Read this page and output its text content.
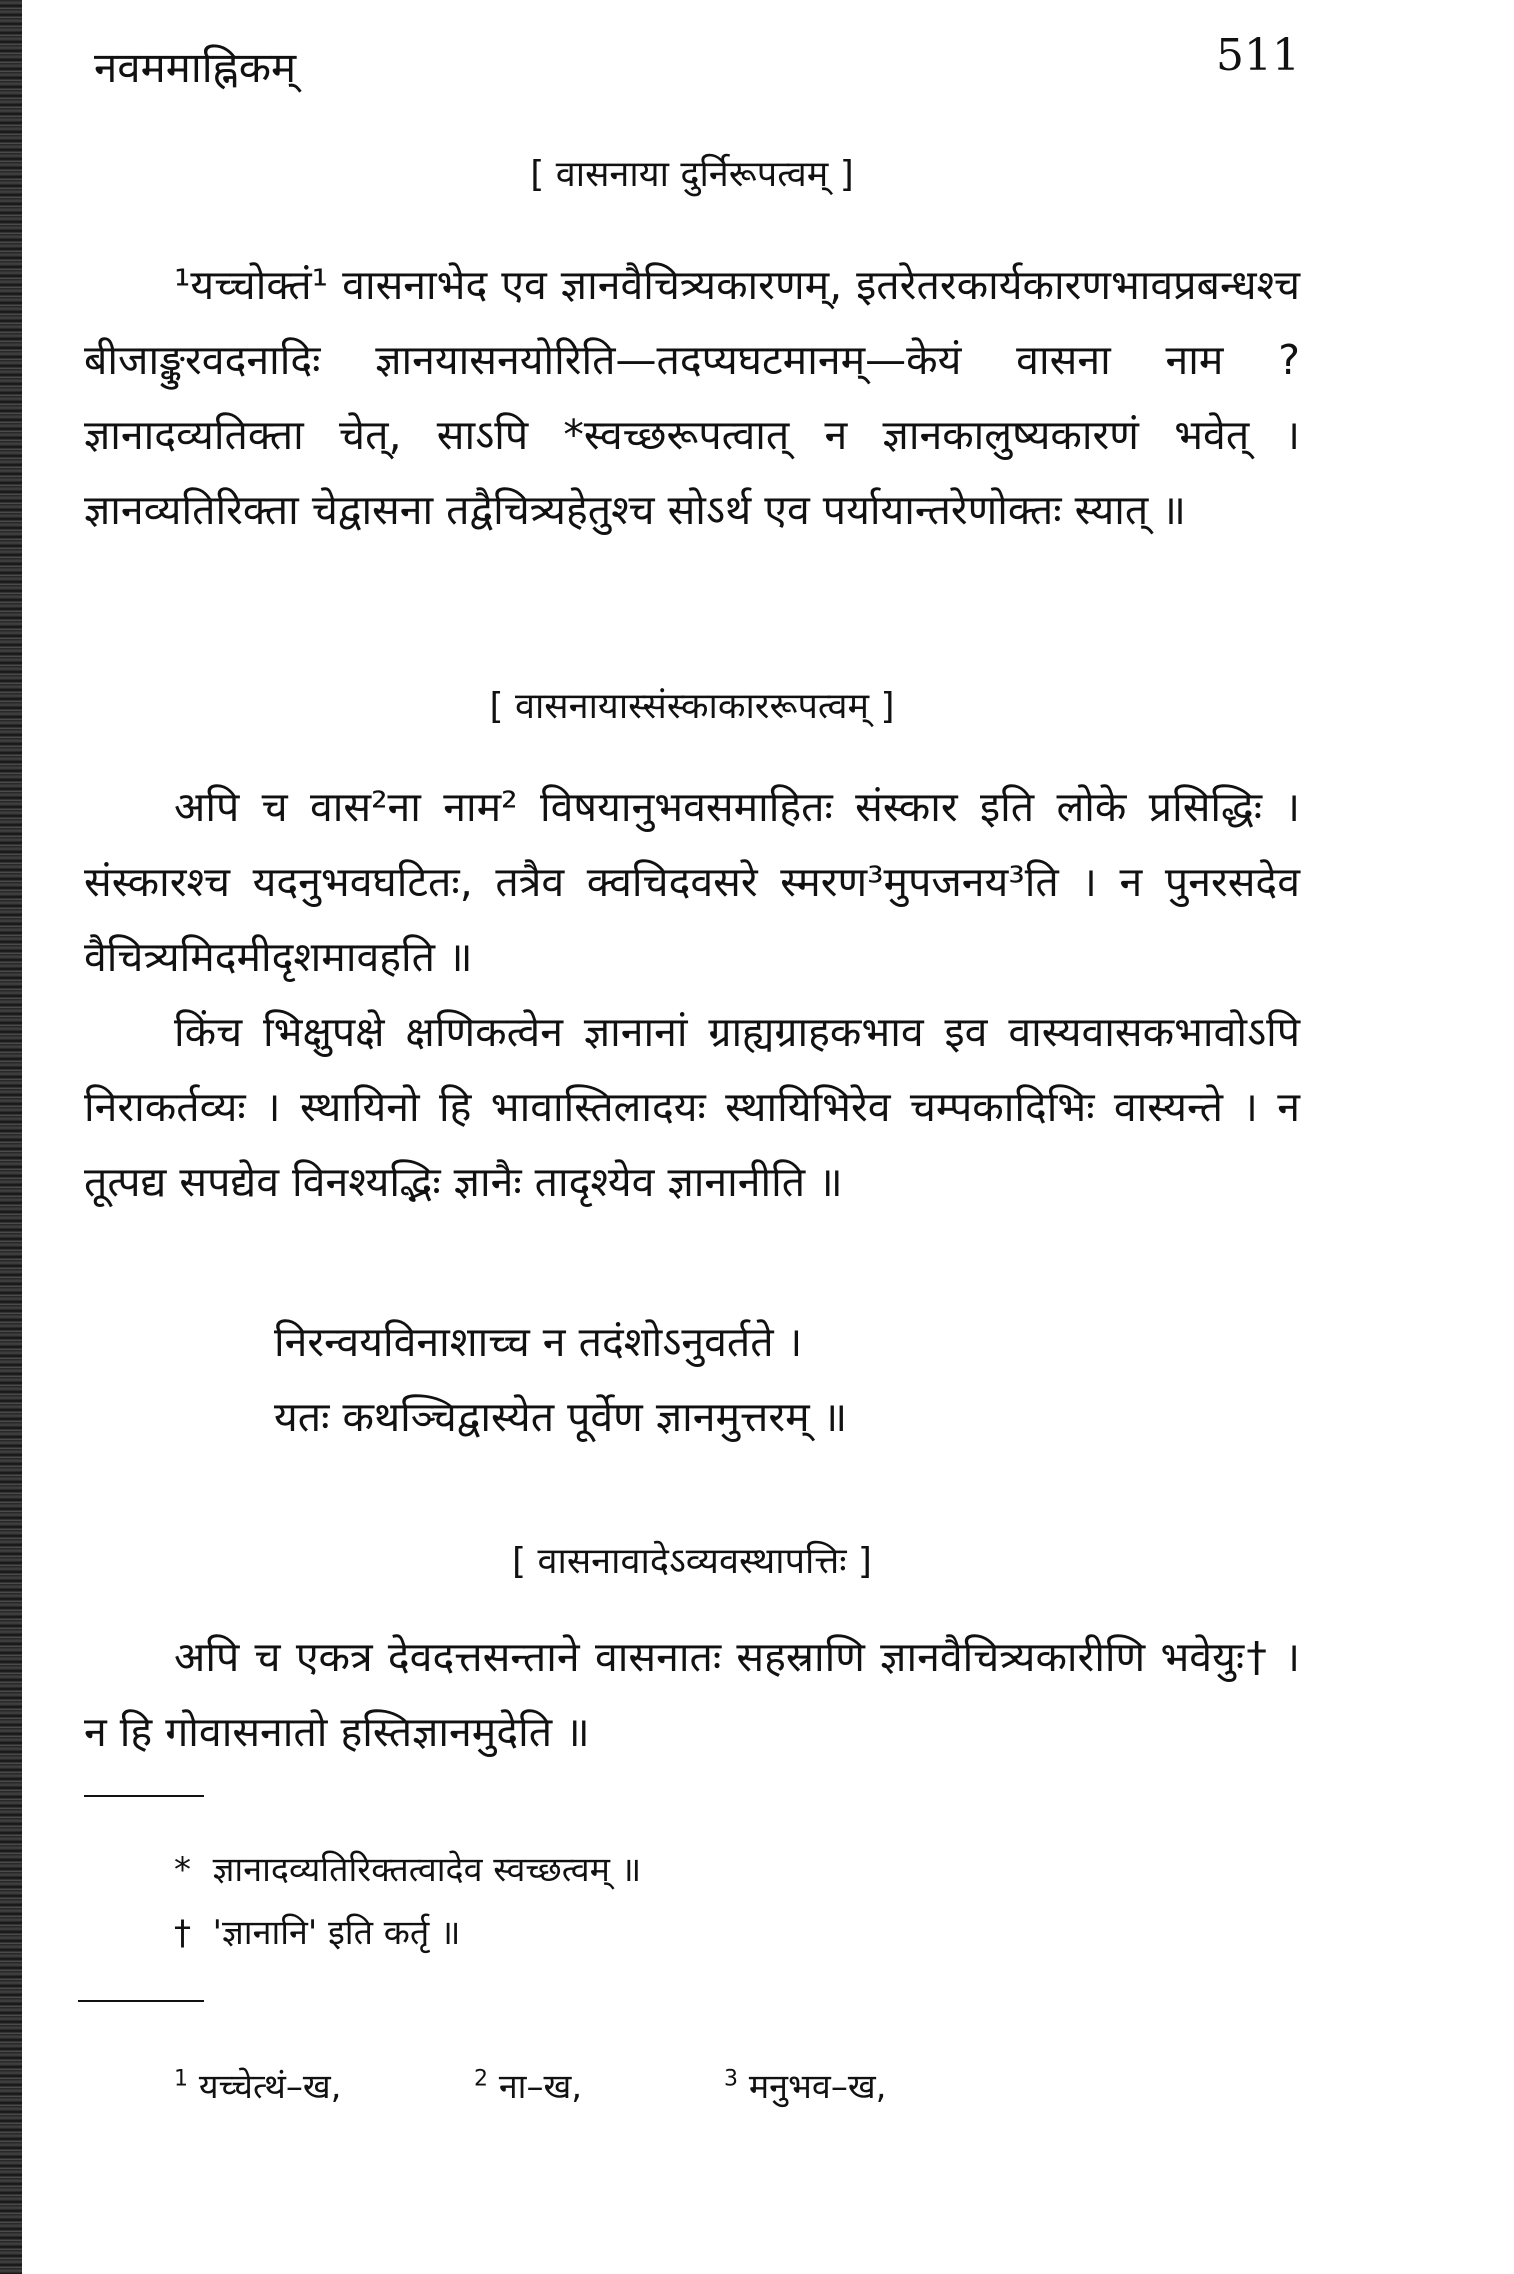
नवममाह्निकम्	511
[ वासनाया दुर्निरूपत्वम् ]

¹यच्चोक्तं¹ वासनाभेद एव ज्ञानवैचित्र्यकारणम्, इतरेतरकार्यकारणभावप्रबन्धश्च बीजाङ्कुरवदनादिः ज्ञानयासनयोरिति—तदप्यघटमानम्—केयं वासना नाम ? ज्ञानादव्यतिक्ता चेत्, साऽपि *स्वच्छरूपत्वात् न ज्ञानकालुष्यकारणं भवेत् । ज्ञानव्यतिरिक्ता चेद्वासना तद्वैचित्र्यहेतुश्च सोऽर्थ एव पर्यायान्तरेणोक्तः स्यात् ॥

[ वासनायास्संस्काकाररूपत्वम् ]

अपि च वास²ना नाम² विषयानुभवसमाहितः संस्कार इति लोके प्रसिद्धिः । संस्कारश्च यदनुभवघटितः, तत्रैव क्वचिदवसरे स्मरण³मुपजनय³ति । न पुनरसदेव वैचित्र्यमिदमीदृशमावहति ॥

किंच भिक्षुपक्षे क्षणिकत्वेन ज्ञानानां ग्राह्यग्राहकभाव इव वास्यवासकभावोऽपि निराकर्तव्यः । स्थायिनो हि भावास्तिलादयः स्थायिभिरेव चम्पकादिभिः वास्यन्ते । न तूत्पद्य सपद्येव विनश्यद्भिः ज्ञानैः तादृश्येव ज्ञानानीति ॥

निरन्वयविनाशाच्च न तदंशोऽनुवर्तते ।

यतः कथञ्चिद्वास्येत पूर्वेण ज्ञानमुत्तरम् ॥

[ वासनावादेऽव्यवस्थापत्तिः ]

अपि च एकत्र देवदत्तसन्ताने वासनातः सहस्राणि ज्ञानवैचित्र्यकारीणि भवेयुः† । न हि गोवासनातो हस्तिज्ञानमुदेति ॥

* ज्ञानादव्यतिरिक्तत्वादेव स्वच्छत्वम् ॥
† 'ज्ञानानि' इति कर्तृ ॥
$^1$ यच्चेत्थं–ख,	$^2$ ना–ख,	$^3$ मनुभव–ख,
